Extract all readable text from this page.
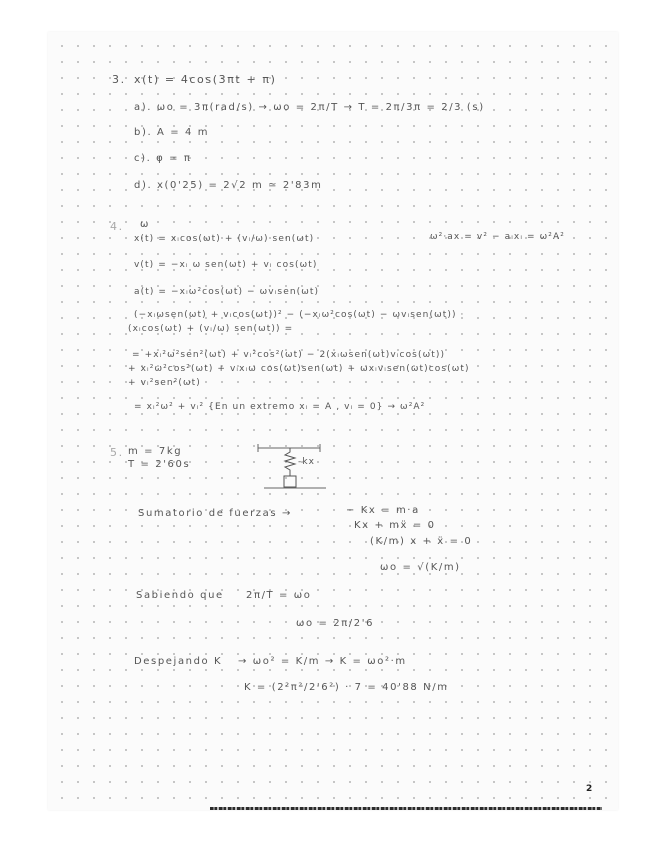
3. x(t) = 4cos(3πt + π)
a). ωo = 3π(rad/s) → ωo = 2π/T → T = 2π/3π = 2/3 (s)
b). A = 4 m
c). φ = π
d). x(0'25) = 2√2 m ≃ 2'83m
4. ω
x(t) = xᵢcos(ωt) + (vᵢ/ω) sen(ωt)	ω²·ax = v² − aᵢxᵢ = ω²A²
v(t) = −xᵢ ω sen(ωt) + vᵢ cos(ωt)
a(t) = −xᵢω²cos(ωt) − ωvᵢsen(ωt)
(−xᵢωsen(ωt) + vᵢcos(ωt))² − (−xᵢω²cos(ωt) − ωvᵢsen(ωt)) ·
(xᵢcos(ωt) + (vᵢ/ω) sen(ωt)) =
= +xᵢ²ω²sen²(ωt) + vᵢ²cos²(ωt) − 2(xᵢωsen(ωt)vᵢcos(ωt))
+ xᵢ²ω²cos²(ωt) + vᵢxᵢω cos(ωt)sen(ωt) + ωxᵢvᵢsen(ωt)cos(ωt)
+ vᵢ²sen²(ωt)
= xᵢ²ω² + vᵢ² {En un extremo xᵢ = A , vᵢ = 0} → ω²A²
5. m = 7kg
T = 2'60s	-kx
Sumatorio de fuerzas →	− Kx = m·a
Kx + mẍ = 0
(K/m) x + ẍ = 0
ωo = √(K/m)
Sabiendo que 2π/T = ωo
ωo = 2π/2'6
Despejando K → ωo² = K/m → K = ωo²·m
K = (2²π²/2'6²) · 7 = 40'88 N/m
2
